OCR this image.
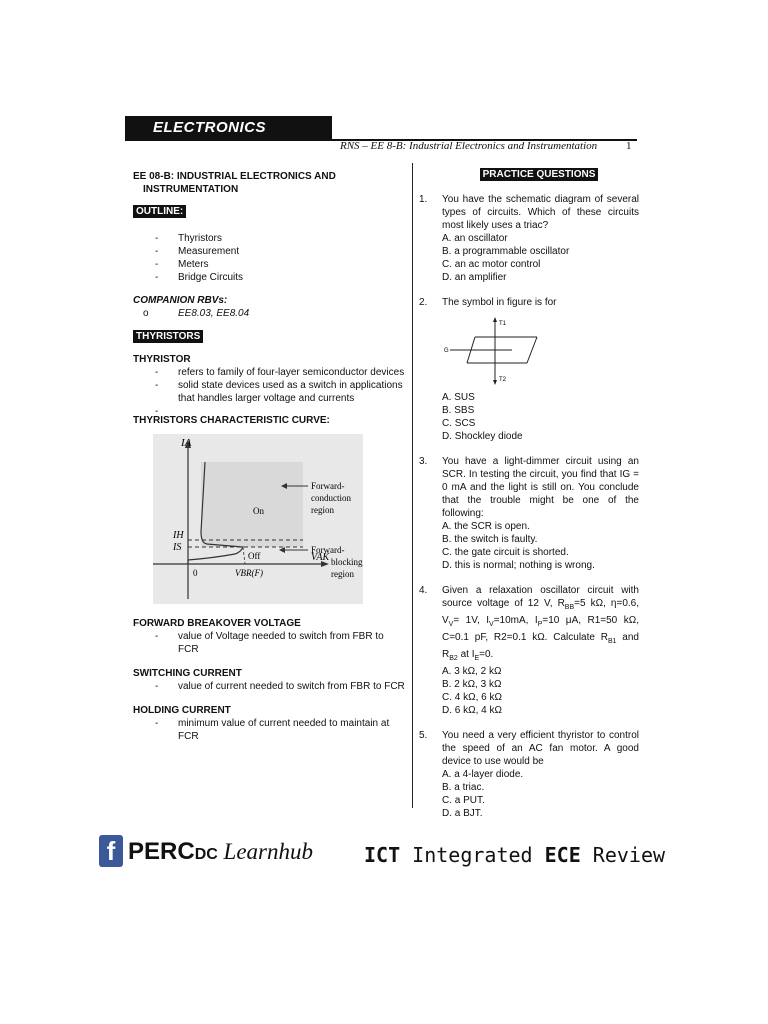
ELECTRONICS
RNS – EE 8-B: Industrial Electronics and Instrumentation	1
EE 08-B: INDUSTRIAL ELECTRONICS AND
INSTRUMENTATION
OUTLINE:
- Thyristors
- Measurement
- Meters
- Bridge Circuits
COMPANION RBVs:
o	EE8.03, EE8.04
THYRISTORS
THYRISTOR
- refers to family of four-layer semiconductor devices
- solid state devices used as a switch in applications that handles larger voltage and currents
-
THYRISTORS CHARACTERISTIC CURVE:
IA
IH
IS
0	VBR(F)
VAK
On
Off
Forward-
conduction
region
Forward-
blocking
region
FORWARD BREAKOVER VOLTAGE
- value of Voltage needed to switch from FBR to FCR
SWITCHING CURRENT
- value of current needed to switch from FBR to FCR
HOLDING CURRENT
- minimum value of current needed to maintain at FCR
PRACTICE QUESTIONS
1. You have the schematic diagram of several types of circuits. Which of these circuits most likely uses a triac?
A. an oscillator
B. a programmable oscillator
C. an ac motor control
D. an amplifier
2. The symbol in figure is for
T1
T2
G
A. SUS
B. SBS
C. SCS
D. Shockley diode
3. You have a light-dimmer circuit using an SCR. In testing the circuit, you find that IG = 0 mA and the light is still on. You conclude that the trouble might be one of the following:
A. the SCR is open.
B. the switch is faulty.
C. the gate circuit is shorted.
D. this is normal; nothing is wrong.
4. Given a relaxation oscillator circuit with source voltage of 12 V, $R_{BB}=5$ kΩ, η=0.6, $V_V= 1V$, $I_V=10mA$, $I_P=10$ μA, R1=50 kΩ, C=0.1 pF, R2=0.1 kΩ. Calculate $R_{B1}$ and $R_{B2}$ at $I_E=0$.
A. 3 kΩ, 2 kΩ
B. 2 kΩ, 3 kΩ
C. 4 kΩ, 6 kΩ
D. 6 kΩ, 4 kΩ
5. You need a very efficient thyristor to control the speed of an AC fan motor. A good device to use would be
A. a 4-layer diode.
B. a triac.
C. a PUT.
D. a BJT.
f PERCDC Learnhub	ICT Integrated ECE Review
